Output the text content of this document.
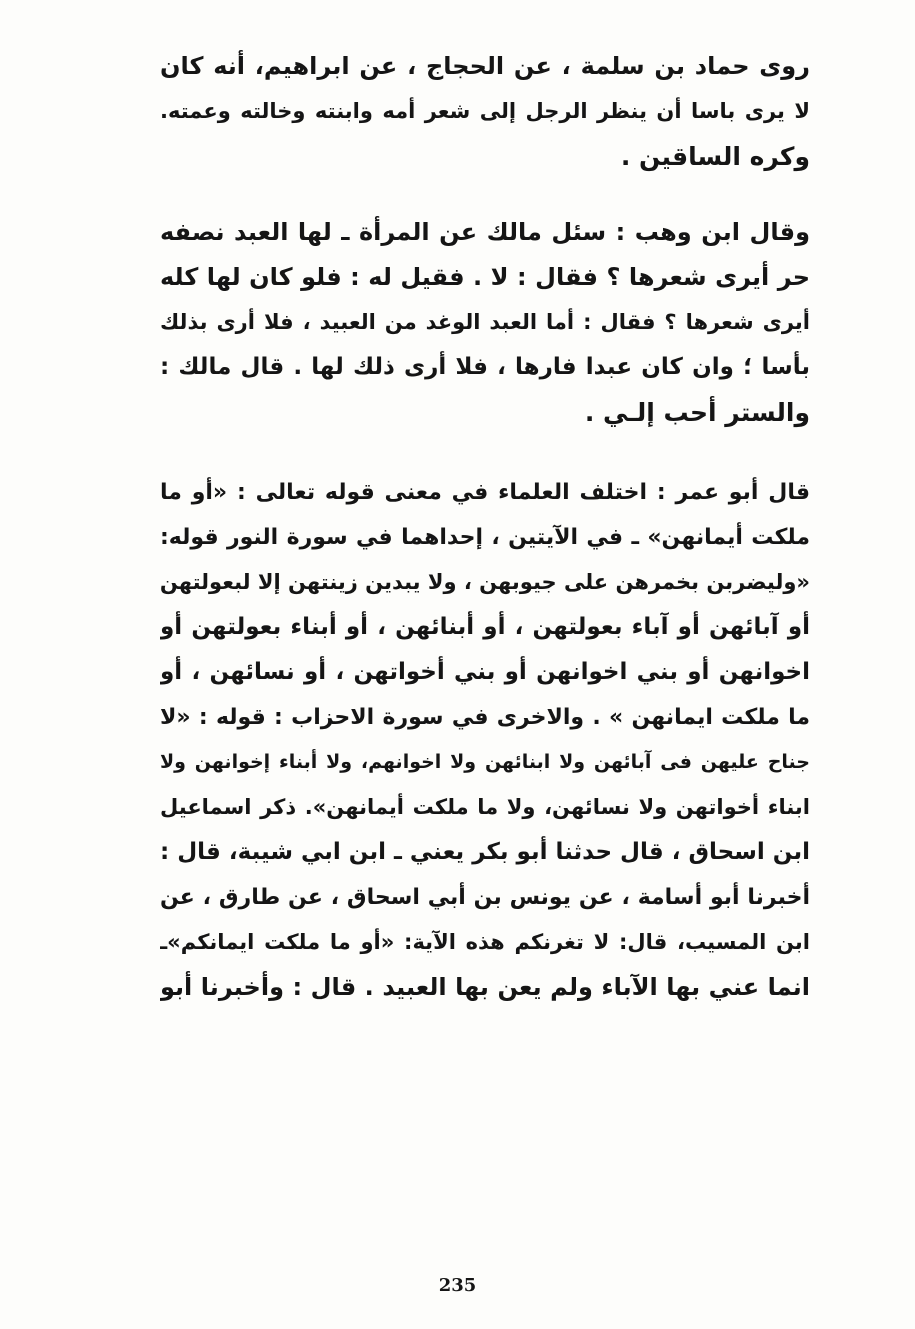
روى حماد بن سلمة ، عن الحجاج ، عن ابراهيم، أنه كان
لا يرى باسا أن ينظر الرجل إلى شعر أمه وابنته وخالته وعمته.
وكره الساقين .
وقال ابن وهب : سئل مالك عن المرأة ـ لها العبد نصفه
حر أيرى شعرها ؟ فقال : لا . فقيل له : فلو كان لها كله
أيرى شعرها ؟ فقال : أما العبد الوغد من العبيد ، فلا أرى بذلك
بأسا ؛ وان كان عبدا فارها ، فلا أرى ذلك لها . قال مالك :
والستر أحب إلـي .
قال أبو عمر : اختلف العلماء في معنى قوله تعالى : «أو ما
ملكت أيمانهن» ـ في الآيتين ، إحداهما في سورة النور قوله:
«وليضربن بخمرهن على جيوبهن ، ولا يبدين زينتهن إلا لبعولتهن
أو آبائهن أو آباء بعولتهن ، أو أبنائهن ، أو أبناء بعولتهن أو
اخوانهن أو بني اخوانهن أو بني أخواتهن ، أو نسائهن ، أو
ما ملكت ايمانهن » . والاخرى في سورة الاحزاب : قوله : «لا
جناح عليهن فى آبائهن ولا ابنائهن ولا اخوانهم، ولا أبناء إخوانهن ولا
ابناء أخواتهن ولا نسائهن، ولا ما ملكت أيمانهن». ذكر اسماعيل
ابن اسحاق ، قال حدثنا أبو بكر يعني ـ ابن ابي شيبة، قال :
أخبرنا أبو أسامة ، عن يونس بن أبي اسحاق ، عن طارق ، عن
ابن المسيب، قال: لا تغرنكم هذه الآية: «أو ما ملكت ايمانكم»ـ
انما عني بها الآباء ولم يعن بها العبيد . قال : وأخبرنا أبو
235
